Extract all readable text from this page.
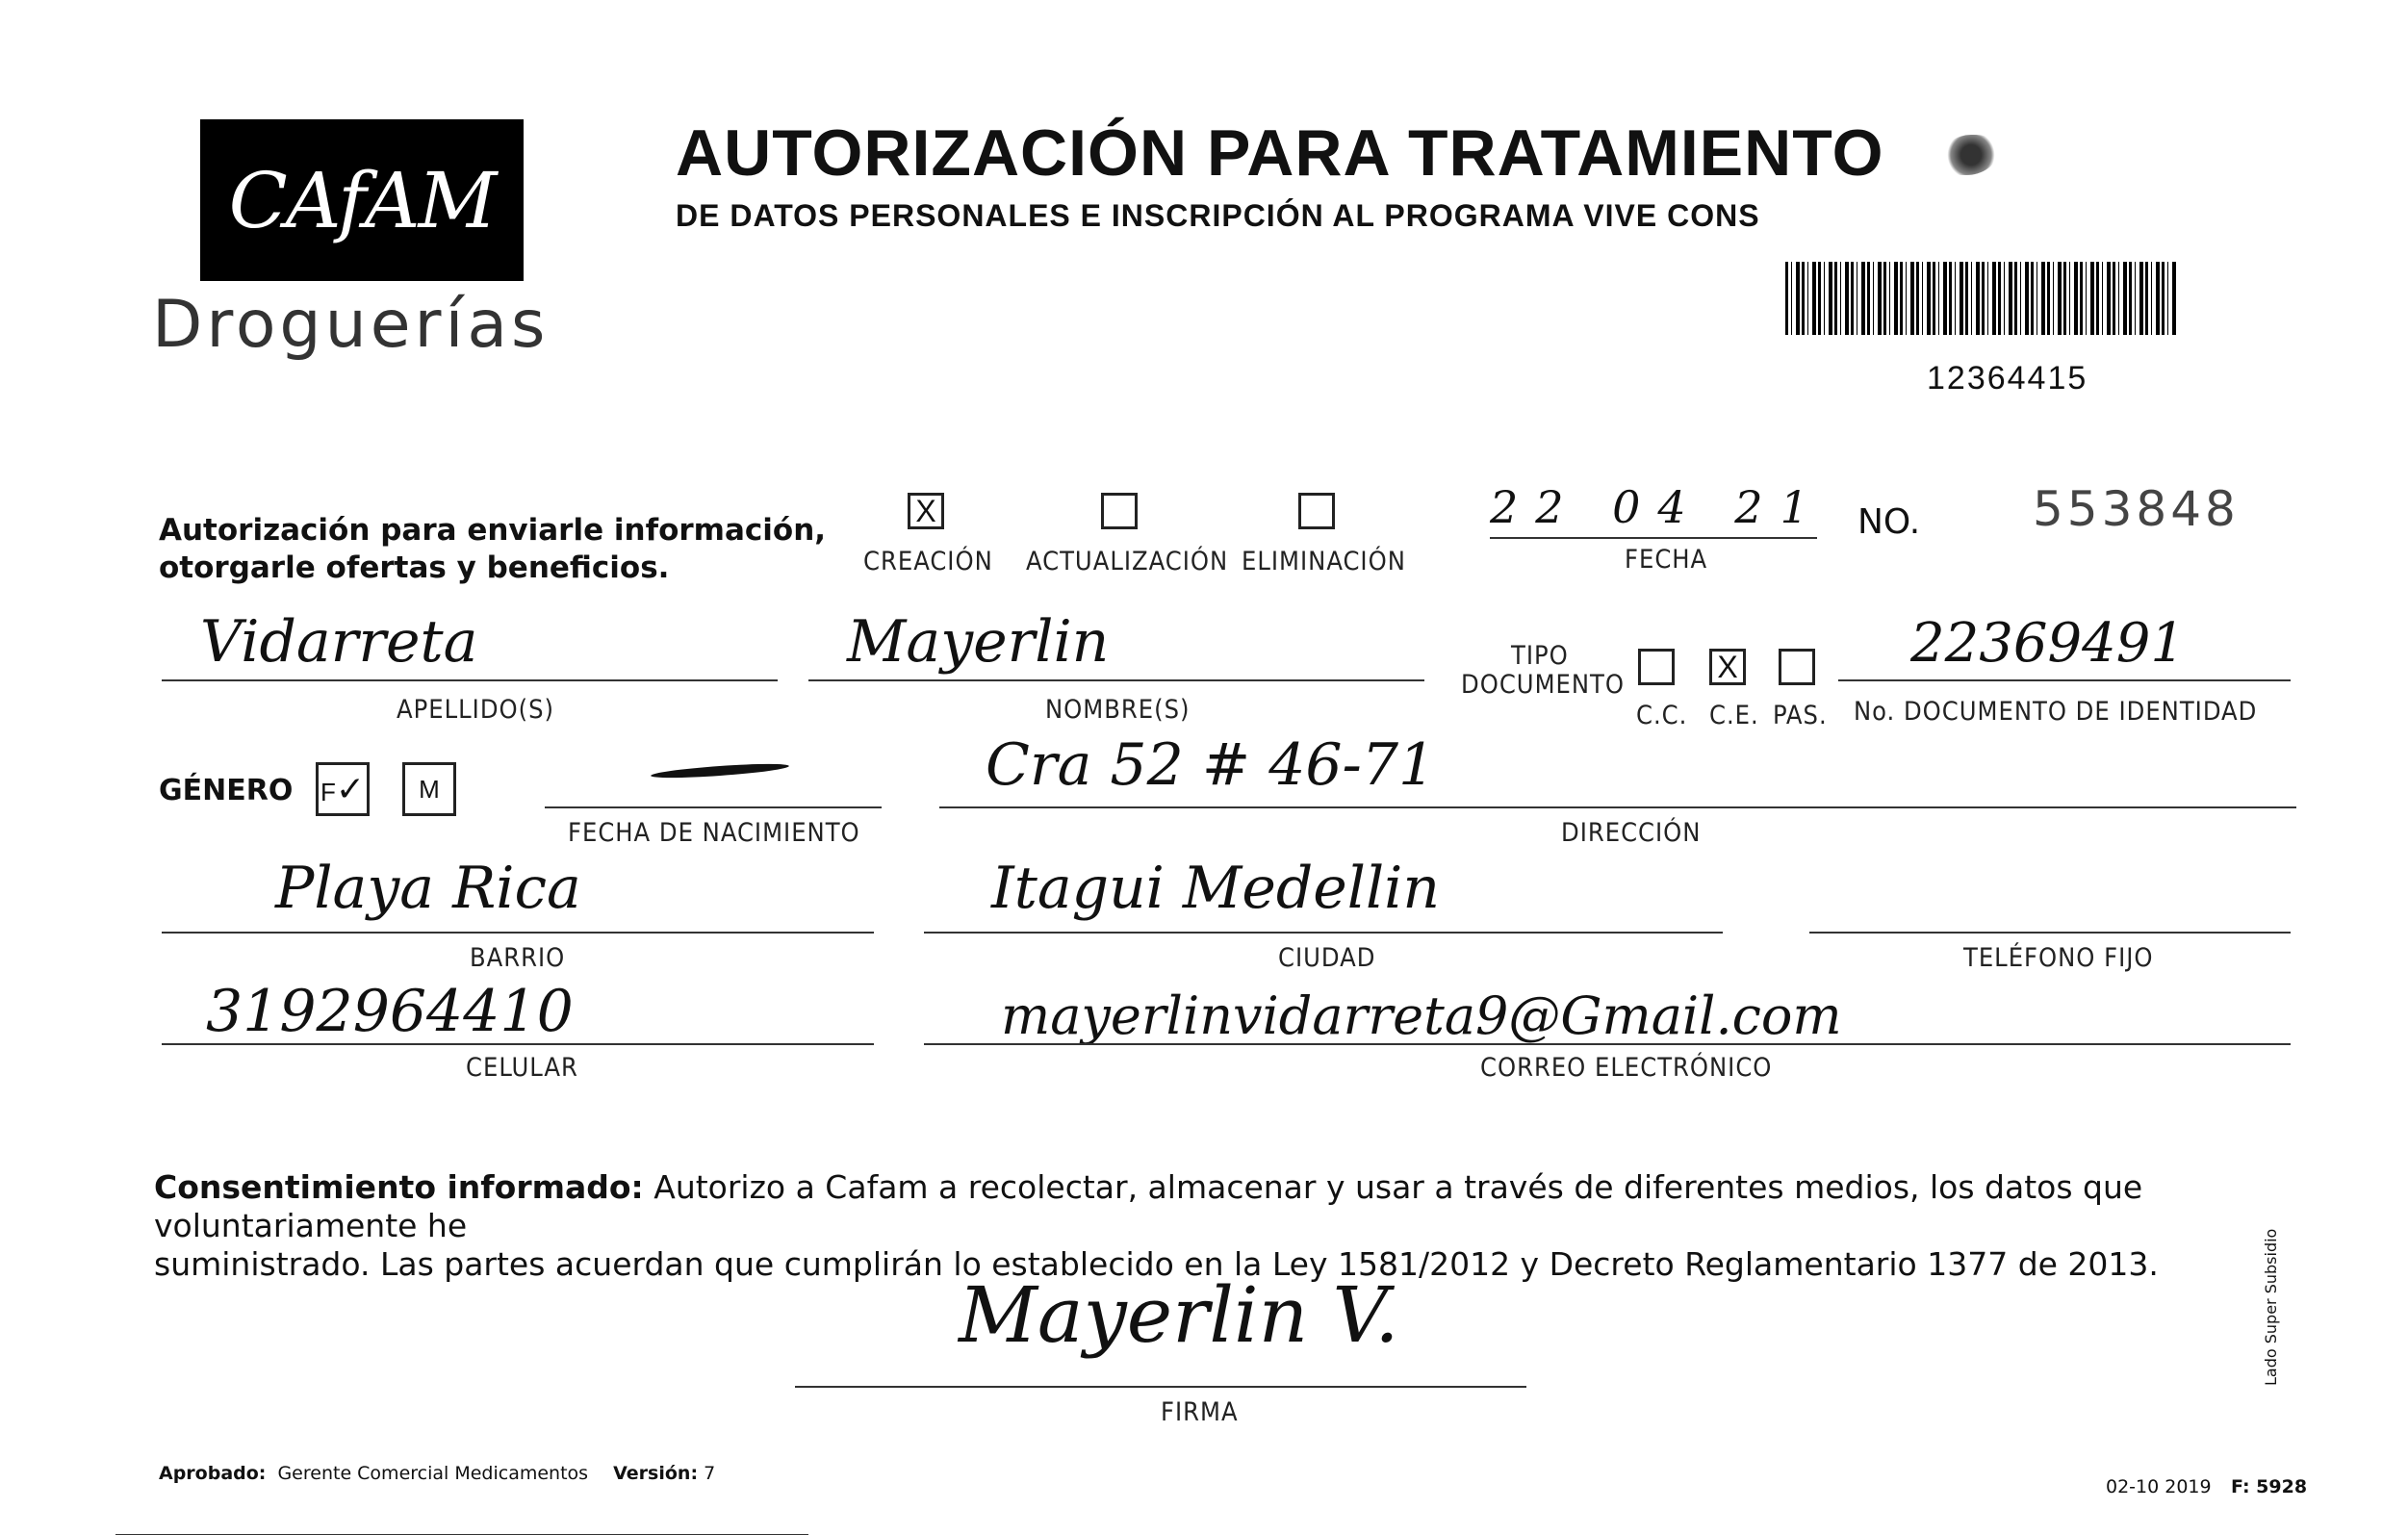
CAfAM
Droguerías
AUTORIZACIÓN PARA TRATAMIENTO
DE DATOS PERSONALES E INSCRIPCIÓN AL PROGRAMA VIVE CONS
12364415
Autorización para enviarle información,
otorgarle ofertas y beneficios.
X
CREACIÓN ACTUALIZACIÓN ELIMINACIÓN
22 04 21
FECHA
NO. 553848
Vidarreta
APELLIDO(S)
Mayerlin
NOMBRE(S)
TIPO
DOCUMENTO
C.C.
X
C.E. PAS.
22369491
No. DOCUMENTO DE IDENTIDAD
GÉNERO F✓	M
FECHA DE NACIMIENTO
Cra 52 # 46-71
DIRECCIÓN
Playa Rica
BARRIO
Itagui Medellin
CIUDAD	TELÉFONO FIJO
3192964410
CELULAR
mayerlinvidarreta9@Gmail.com
CORREO ELECTRÓNICO
Consentimiento informado: Autorizo a Cafam a recolectar, almacenar y usar a través de diferentes medios, los datos que voluntariamente he
suministrado. Las partes acuerdan que cumplirán lo establecido en la Ley 1581/2012 y Decreto Reglamentario 1377 de 2013.
Mayerlin V.
FIRMA
Aprobado: Gerente Comercial Medicamentos Versión: 7
02-10 2019 F: 5928
Lado Super Subsidio
